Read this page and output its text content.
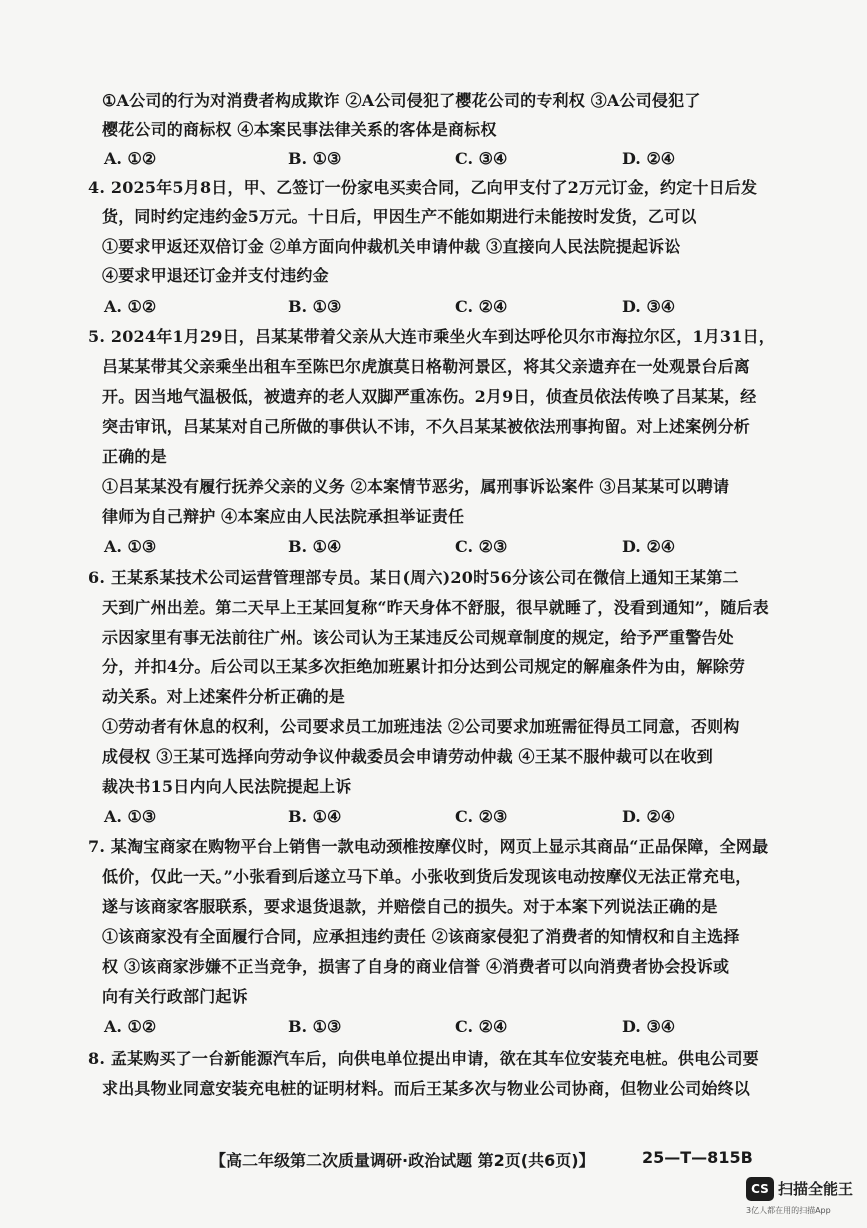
①A公司的行为对消费者构成欺诈 ②A公司侵犯了樱花公司的专利权 ③A公司侵犯了
樱花公司的商标权 ④本案民事法律关系的客体是商标权
A. ①②	B. ①③	C. ③④	D. ②④
4. 2025年5月8日，甲、乙签订一份家电买卖合同，乙向甲支付了2万元订金，约定十日后发
货，同时约定违约金5万元。十日后，甲因生产不能如期进行未能按时发货，乙可以
①要求甲返还双倍订金 ②单方面向仲裁机关申请仲裁 ③直接向人民法院提起诉讼
④要求甲退还订金并支付违约金
A. ①②	B. ①③	C. ②④	D. ③④
5. 2024年1月29日，吕某某带着父亲从大连市乘坐火车到达呼伦贝尔市海拉尔区，1月31日，
吕某某带其父亲乘坐出租车至陈巴尔虎旗莫日格勒河景区，将其父亲遗弃在一处观景台后离
开。因当地气温极低，被遗弃的老人双脚严重冻伤。2月9日，侦查员依法传唤了吕某某，经
突击审讯，吕某某对自己所做的事供认不讳，不久吕某某被依法刑事拘留。对上述案例分析
正确的是
①吕某某没有履行抚养父亲的义务 ②本案情节恶劣，属刑事诉讼案件 ③吕某某可以聘请
律师为自己辩护 ④本案应由人民法院承担举证责任
A. ①③	B. ①④	C. ②③	D. ②④
6. 王某系某技术公司运营管理部专员。某日(周六)20时56分该公司在微信上通知王某第二
天到广州出差。第二天早上王某回复称“昨天身体不舒服，很早就睡了，没看到通知”，随后表
示因家里有事无法前往广州。该公司认为王某违反公司规章制度的规定，给予严重警告处
分，并扣4分。后公司以王某多次拒绝加班累计扣分达到公司规定的解雇条件为由，解除劳
动关系。对上述案件分析正确的是
①劳动者有休息的权利，公司要求员工加班违法 ②公司要求加班需征得员工同意，否则构
成侵权 ③王某可选择向劳动争议仲裁委员会申请劳动仲裁 ④王某不服仲裁可以在收到
裁决书15日内向人民法院提起上诉
A. ①③	B. ①④	C. ②③	D. ②④
7. 某淘宝商家在购物平台上销售一款电动颈椎按摩仪时，网页上显示其商品“正品保障，全网最
低价，仅此一天。”小张看到后遂立马下单。小张收到货后发现该电动按摩仪无法正常充电，
遂与该商家客服联系，要求退货退款，并赔偿自己的损失。对于本案下列说法正确的是
①该商家没有全面履行合同，应承担违约责任 ②该商家侵犯了消费者的知情权和自主选择
权 ③该商家涉嫌不正当竞争，损害了自身的商业信誉 ④消费者可以向消费者协会投诉或
向有关行政部门起诉
A. ①②	B. ①③	C. ②④	D. ③④
8. 孟某购买了一台新能源汽车后，向供电单位提出申请，欲在其车位安装充电桩。供电公司要
求出具物业同意安装充电桩的证明材料。而后王某多次与物业公司协商，但物业公司始终以
【高二年级第二次质量调研·政治试题 第2页(共6页)】	25—T—815B
CS 扫描全能王
3亿人都在用的扫描App
